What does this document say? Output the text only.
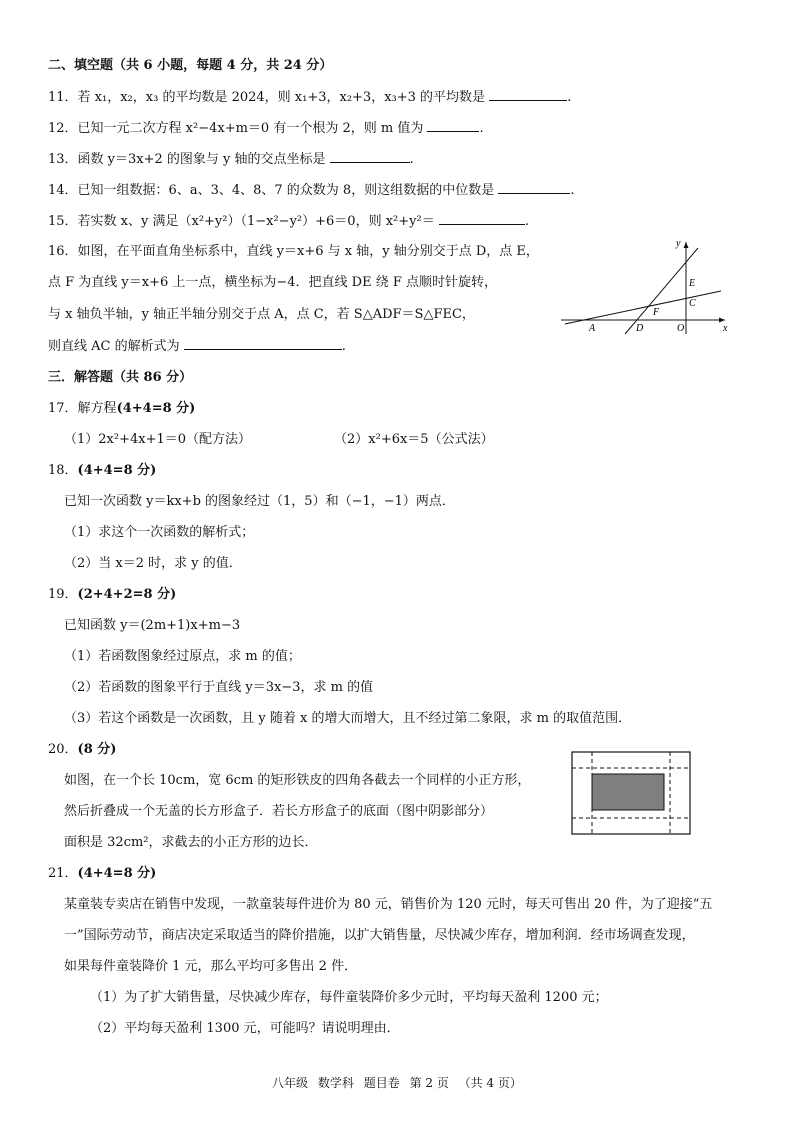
二、填空题（共 6 小题，每题 4 分，共 24 分）
11．若 x₁，x₂，x₃ 的平均数是 2024，则 x₁+3，x₂+3，x₃+3 的平均数是	.
12．已知一元二次方程 x²−4x+m＝0 有一个根为 2，则 m 值为	.
13．函数 y＝3x+2 的图象与 y 轴的交点坐标是	.
14．已知一组数据：6、a、3、4、8、7 的众数为 8，则这组数据的中位数是	.
15．若实数 x、y 满足（x²+y²）（1−x²−y²）+6＝0，则 x²+y²＝	.
16．如图，在平面直角坐标系中，直线 y＝x+6 与 x 轴，y 轴分别交于点 D，点 E，
点 F 为直线 y＝x+6 上一点，横坐标为−4．把直线 DE 绕 F 点顺时针旋转，
与 x 轴负半轴，y 轴正半轴分别交于点 A，点 C，若 S△ADF＝S△FEC，
则直线 AC 的解析式为	.
x
y
A	D	O
F
E
C
三．解答题（共 86 分）
17．解方程(4+4=8 分)
（1）2x²+4x+1＝0（配方法）	（2）x²+6x＝5（公式法）
18．(4+4=8 分)
已知一次函数 y＝kx+b 的图象经过（1，5）和（−1，−1）两点．
（1）求这个一次函数的解析式；
（2）当 x＝2 时，求 y 的值．
19．(2+4+2=8 分)
已知函数 y＝(2m+1)x+m−3
（1）若函数图象经过原点，求 m 的值；
（2）若函数的图象平行于直线 y＝3x−3，求 m 的值
（3）若这个函数是一次函数，且 y 随着 x 的增大而增大，且不经过第二象限，求 m 的取值范围．
20．(8 分)
如图，在一个长 10cm，宽 6cm 的矩形铁皮的四角各截去一个同样的小正方形，
然后折叠成一个无盖的长方形盒子．若长方形盒子的底面（图中阴影部分）
面积是 32cm²，求截去的小正方形的边长．
21．(4+4=8 分)
某童装专卖店在销售中发现，一款童装每件进价为 80 元，销售价为 120 元时，每天可售出 20 件，为了迎接“五
一”国际劳动节，商店决定采取适当的降价措施，以扩大销售量，尽快减少库存，增加利润．经市场调查发现，
如果每件童装降价 1 元，那么平均可多售出 2 件．
（1）为了扩大销售量，尽快减少库存，每件童装降价多少元时，平均每天盈利 1200 元；
（2）平均每天盈利 1300 元，可能吗？请说明理由．
八年级 数学科 题目卷 第 2 页 （共 4 页）
